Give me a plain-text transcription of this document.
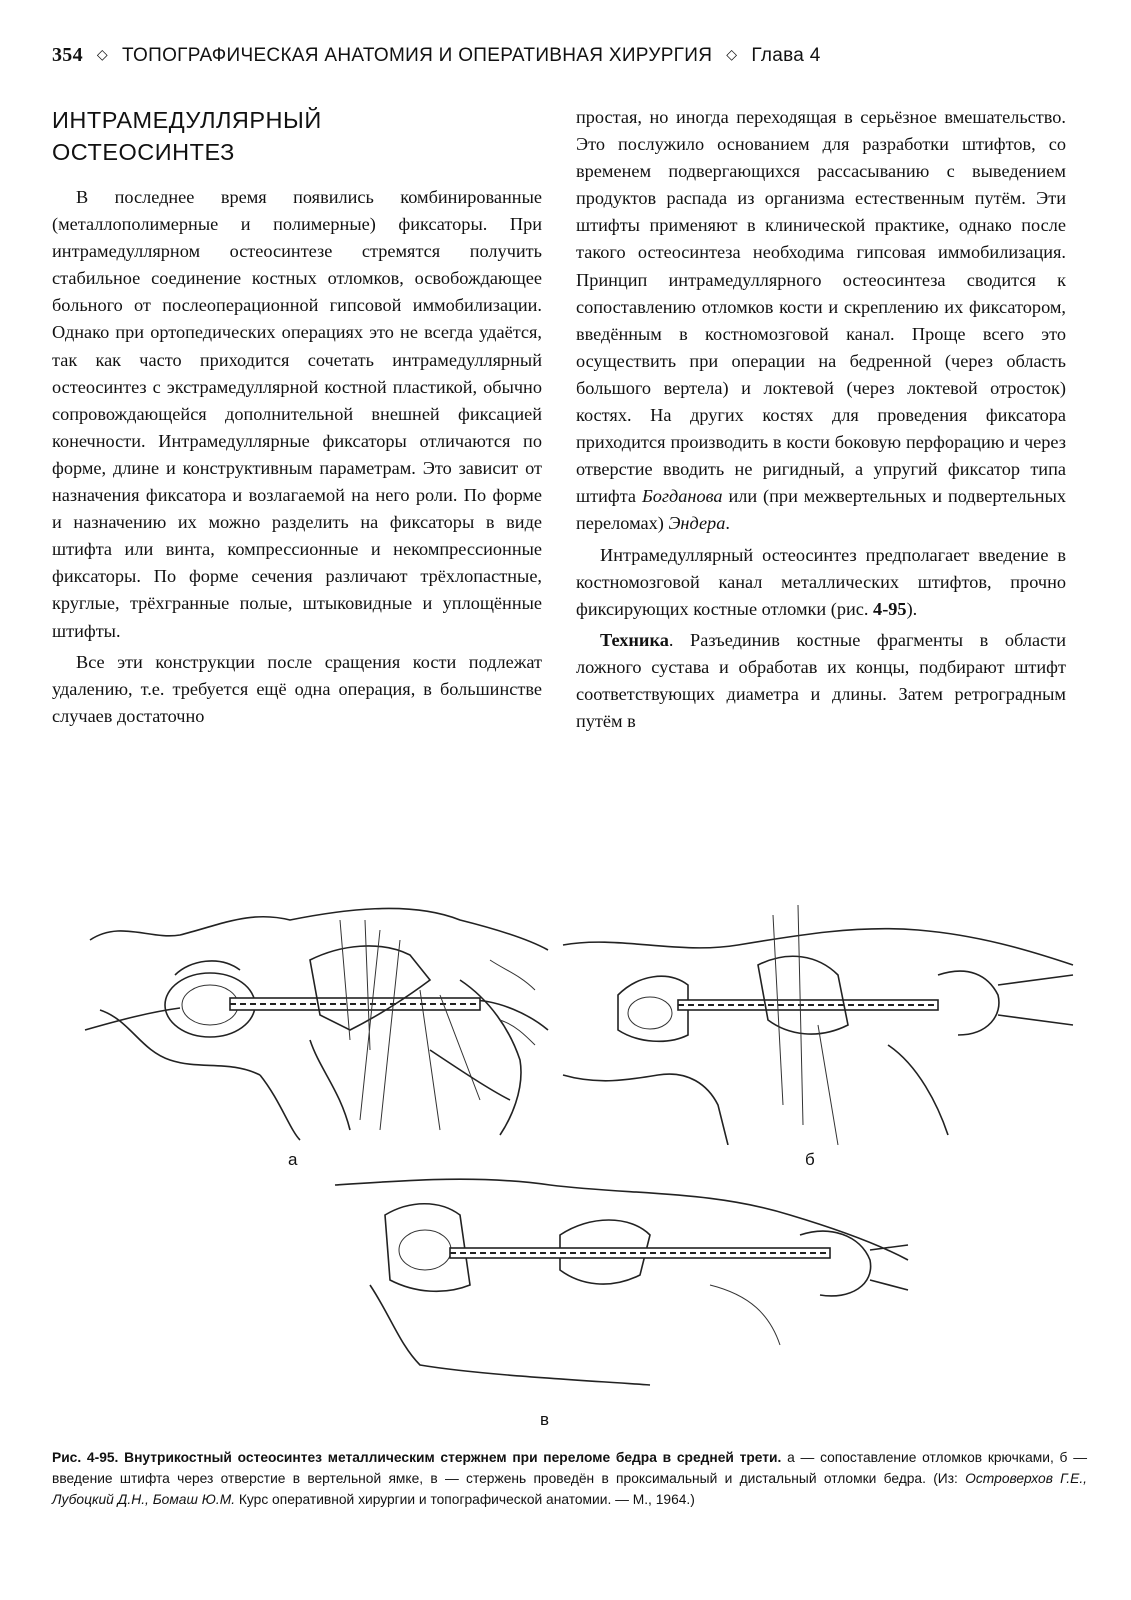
354 ◇ ТОПОГРАФИЧЕСКАЯ АНАТОМИЯ И ОПЕРАТИВНАЯ ХИРУРГИЯ ◇ Глава 4
ИНТРАМЕДУЛЛЯРНЫЙ
ОСТЕОСИНТЕЗ

В последнее время появились комбинированные (металлополимерные и полимерные) фиксаторы. При интрамедуллярном остеосинтезе стремятся получить стабильное соединение костных отломков, освобождающее больного от послеоперационной гипсовой иммобилизации. Однако при ортопедических операциях это не всегда удаётся, так как часто приходится сочетать интрамедуллярный остеосинтез с экстрамедуллярной костной пластикой, обычно сопровождающейся дополнительной внешней фиксацией конечности. Интрамедуллярные фиксаторы отличаются по форме, длине и конструктивным параметрам. Это зависит от назначения фиксатора и возлагаемой на него роли. По форме и назначению их можно разделить на фиксаторы в виде штифта или винта, компрессионные и некомпрессионные фиксаторы. По форме сечения различают трёхлопастные, круглые, трёхгранные полые, штыковидные и уплощённые штифты.

Все эти конструкции после сращения кости подлежат удалению, т.е. требуется ещё одна операция, в большинстве случаев достаточно

простая, но иногда переходящая в серьёзное вмешательство. Это послужило основанием для разработки штифтов, со временем подвергающихся рассасыванию с выведением продуктов распада из организма естественным путём. Эти штифты применяют в клинической практике, однако после такого остеосинтеза необходима гипсовая иммобилизация. Принцип интрамедуллярного остеосинтеза сводится к сопоставлению отломков кости и скреплению их фиксатором, введённым в костномозговой канал. Проще всего это осуществить при операции на бедренной (через область большого вертела) и локтевой (через локтевой отросток) костях. На других костях для проведения фиксатора приходится производить в кости боковую перфорацию и через отверстие вводить не ригидный, а упругий фиксатор типа штифта Богданова или (при межвертельных и подвертельных переломах) Эндера.

Интрамедуллярный остеосинтез предполагает введение в костномозговой канал металлических штифтов, прочно фиксирующих костные отломки (рис. 4-95).

Техника. Разъединив костные фрагменты в области ложного сустава и обработав их концы, подбирают штифт соответствующих диаметра и длины. Затем ретроградным путём в

а	б
в
Рис. 4-95. Внутрикостный остеосинтез металлическим стержнем при переломе бедра в средней трети. а — сопоставление отломков крючками, б — введение штифта через отверстие в вертельной ямке, в — стержень проведён в проксимальный и дистальный отломки бедра. (Из: Островерхов Г.Е., Лубоцкий Д.Н., Бомаш Ю.М. Курс оперативной хирургии и топографической анатомии. — М., 1964.)
